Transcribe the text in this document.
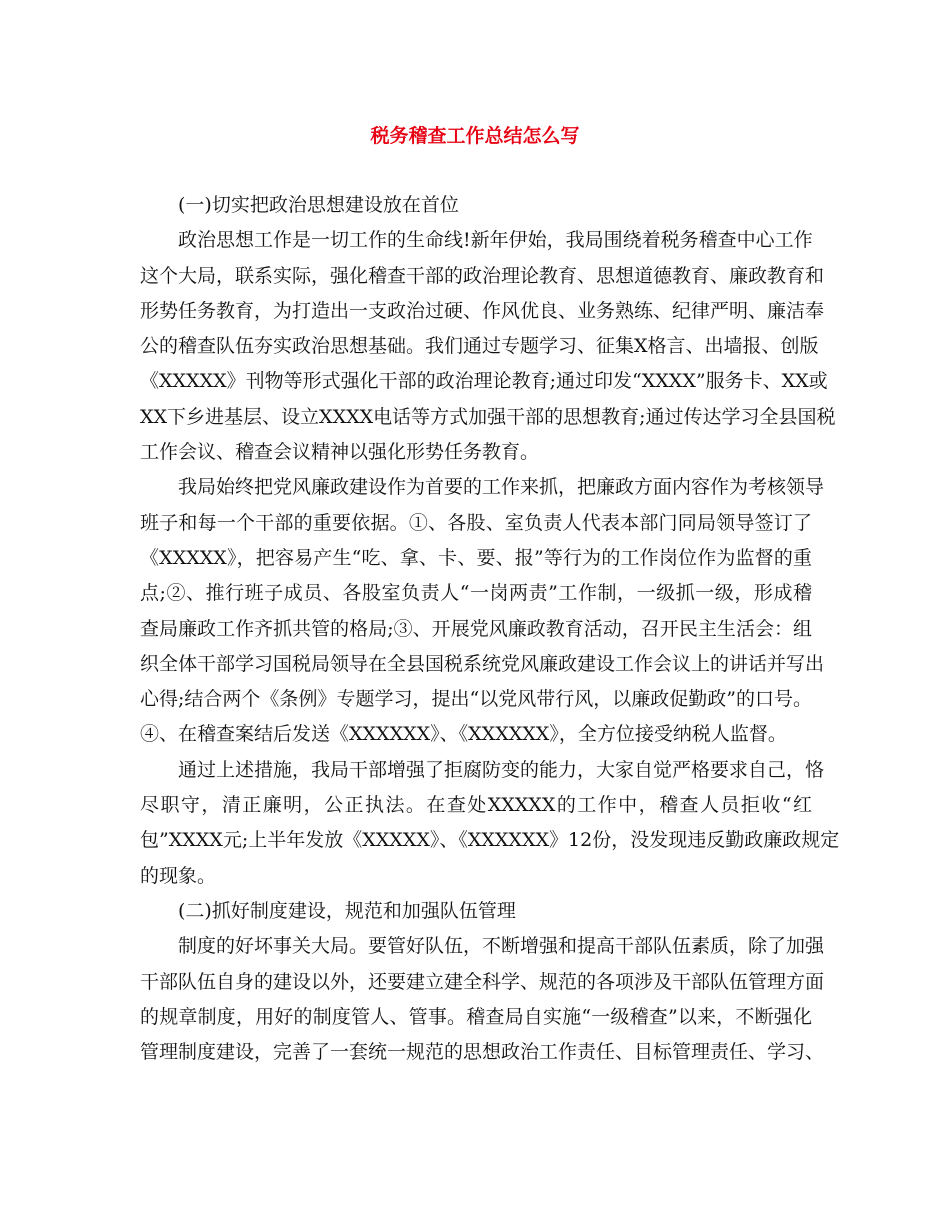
税务稽查工作总结怎么写
(一)切实把政治思想建设放在首位
政治思想工作是一切工作的生命线!新年伊始，我局围绕着税务稽查中心工作
这个大局，联系实际，强化稽查干部的政治理论教育、思想道德教育、廉政教育和
形势任务教育，为打造出一支政治过硬、作风优良、业务熟练、纪律严明、廉洁奉
公的稽查队伍夯实政治思想基础。我们通过专题学习、征集X格言、出墙报、创版
《XXXXX》刊物等形式强化干部的政治理论教育;通过印发“XXXX”服务卡、XX或
XX下乡进基层、设立XXXX电话等方式加强干部的思想教育;通过传达学习全县国税
工作会议、稽查会议精神以强化形势任务教育。
我局始终把党风廉政建设作为首要的工作来抓，把廉政方面内容作为考核领导
班子和每一个干部的重要依据。①、各股、室负责人代表本部门同局领导签订了
《XXXXX》，把容易产生“吃、拿、卡、要、报”等行为的工作岗位作为监督的重
点;②、推行班子成员、各股室负责人“一岗两责”工作制，一级抓一级，形成稽
查局廉政工作齐抓共管的格局;③、开展党风廉政教育活动，召开民主生活会：组
织全体干部学习国税局领导在全县国税系统党风廉政建设工作会议上的讲话并写出
心得;结合两个《条例》专题学习，提出“以党风带行风，以廉政促勤政”的口号。
④、在稽查案结后发送《XXXXXX》、《XXXXXX》，全方位接受纳税人监督。
通过上述措施，我局干部增强了拒腐防变的能力，大家自觉严格要求自己，恪
尽职守，清正廉明，公正执法。在查处XXXXX的工作中，稽查人员拒收“红
包”XXXX元;上半年发放《XXXXX》、《XXXXXX》12份，没发现违反勤政廉政规定
的现象。
(二)抓好制度建设，规范和加强队伍管理
制度的好坏事关大局。要管好队伍，不断增强和提高干部队伍素质，除了加强
干部队伍自身的建设以外，还要建立建全科学、规范的各项涉及干部队伍管理方面
的规章制度，用好的制度管人、管事。稽查局自实施“一级稽查”以来，不断强化
管理制度建设，完善了一套统一规范的思想政治工作责任、目标管理责任、学习、
